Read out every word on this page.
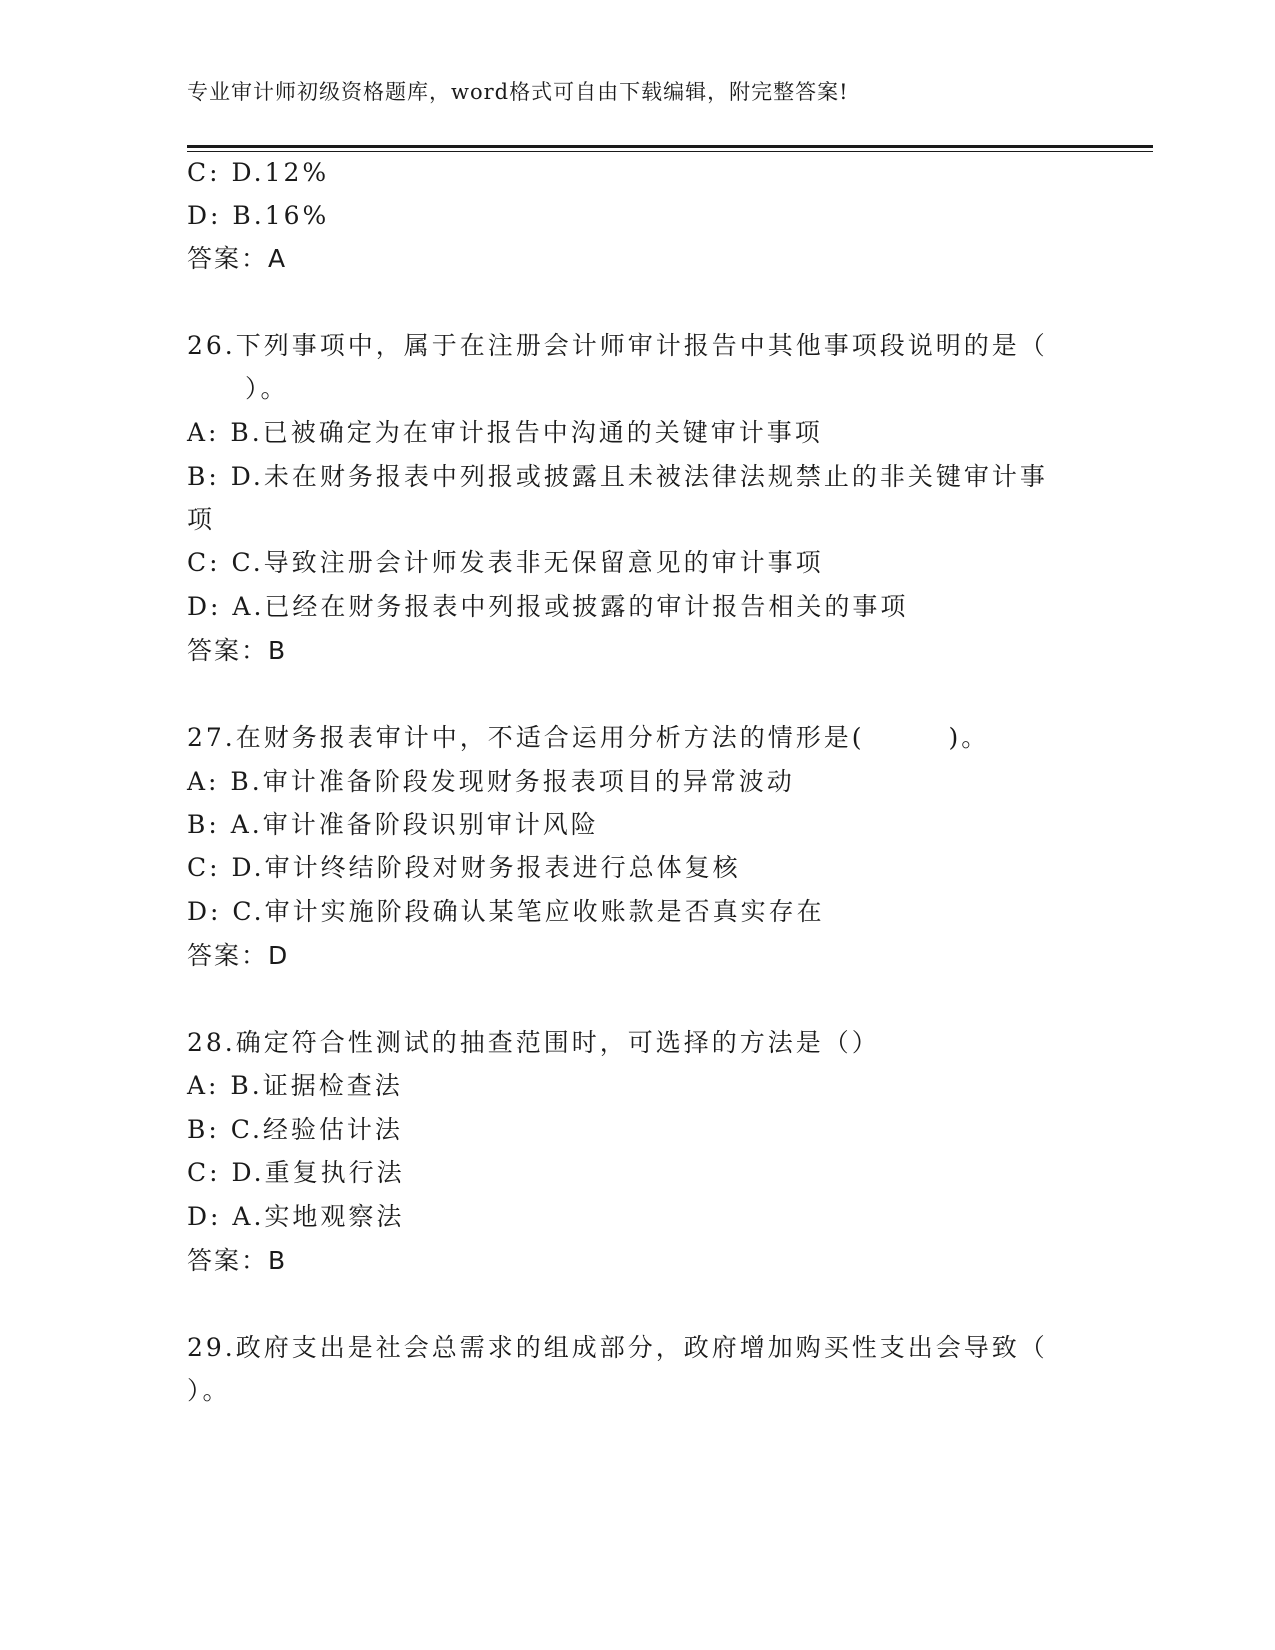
专业审计师初级资格题库，word格式可自由下载编辑，附完整答案!
C: D.12%
D: B.16%
答案：A
26.下列事项中，属于在注册会计师审计报告中其他事项段说明的是（
）。
A: B.已被确定为在审计报告中沟通的关键审计事项
B: D.未在财务报表中列报或披露且未被法律法规禁止的非关键审计事
项
C: C.导致注册会计师发表非无保留意见的审计事项
D: A.已经在财务报表中列报或披露的审计报告相关的事项
答案：B
27.在财务报表审计中，不适合运用分析方法的情形是(　　　)。
A: B.审计准备阶段发现财务报表项目的异常波动
B: A.审计准备阶段识别审计风险
C: D.审计终结阶段对财务报表进行总体复核
D: C.审计实施阶段确认某笔应收账款是否真实存在
答案：D
28.确定符合性测试的抽查范围时，可选择的方法是（）
A: B.证据检查法
B: C.经验估计法
C: D.重复执行法
D: A.实地观察法
答案：B
29.政府支出是社会总需求的组成部分，政府增加购买性支出会导致（
）。
